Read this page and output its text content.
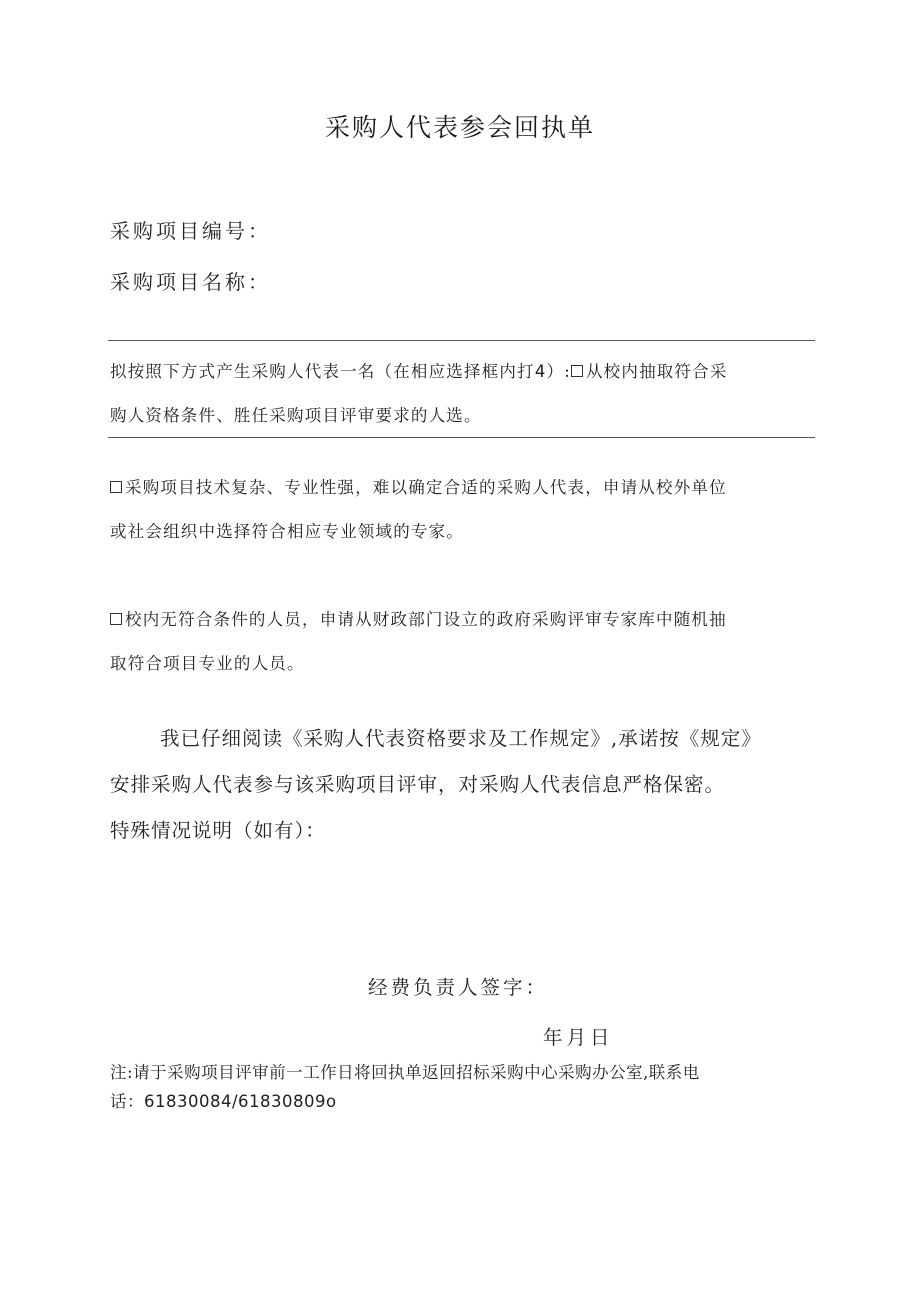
采购人代表参会回执单
采购项目编号：
采购项目名称：
拟按照下方式产生采购人代表一名（在相应选择框内打4）: 从校内抽取符合采
购人资格条件、胜任采购项目评审要求的人选。
采购项目技术复杂、专业性强，难以确定合适的采购人代表，申请从校外单位
或社会组织中选择符合相应专业领域的专家。
校内无符合条件的人员，申请从财政部门设立的政府采购评审专家库中随机抽
取符合项目专业的人员。
我已仔细阅读《采购人代表资格要求及工作规定》,承诺按《规定》
安排采购人代表参与该采购项目评审，对采购人代表信息严格保密。
特殊情况说明（如有）：
经费负责人签字：
年月日
注:请于采购项目评审前一工作日将回执单返回招标采购中心采购办公室,联系电
话：61830084/61830809o
